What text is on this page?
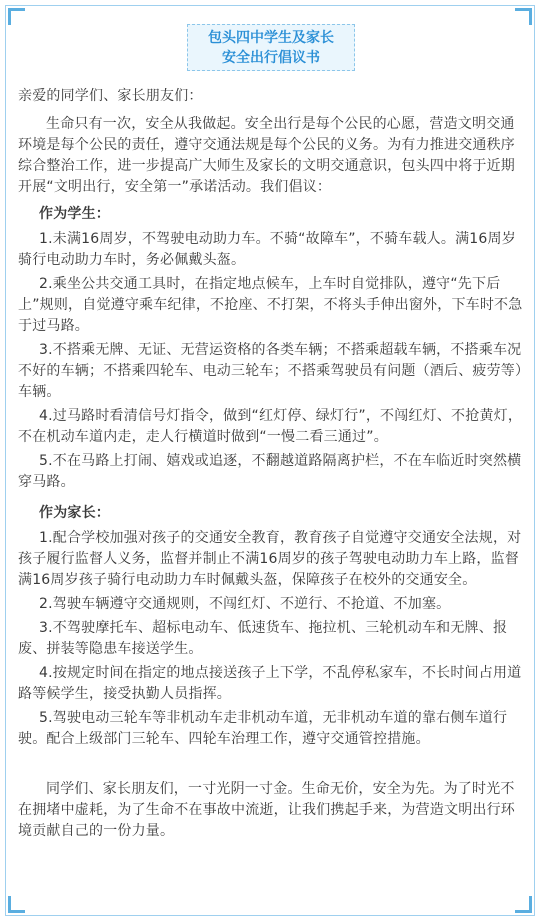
包头四中学生及家长
安全出行倡议书

亲爱的同学们、家长朋友们：

生命只有一次，安全从我做起。安全出行是每个公民的心愿，营造文明交通环境是每个公民的责任，遵守交通法规是每个公民的义务。为有力推进交通秩序综合整治工作，进一步提高广大师生及家长的文明交通意识，包头四中将于近期开展“文明出行，安全第一”承诺活动。我们倡议：

作为学生：

1.未满16周岁，不驾驶电动助力车。不骑“故障车”，不骑车载人。满16周岁骑行电动助力车时，务必佩戴头盔。

2.乘坐公共交通工具时，在指定地点候车，上车时自觉排队，遵守“先下后上”规则，自觉遵守乘车纪律，不抢座、不打架，不将头手伸出窗外，下车时不急于过马路。

3.不搭乘无牌、无证、无营运资格的各类车辆；不搭乘超载车辆，不搭乘车况不好的车辆；不搭乘四轮车、电动三轮车；不搭乘驾驶员有问题（酒后、疲劳等）车辆。

4.过马路时看清信号灯指令，做到“红灯停、绿灯行”，不闯红灯、不抢黄灯，不在机动车道内走，走人行横道时做到“一慢二看三通过”。

5.不在马路上打闹、嬉戏或追逐，不翻越道路隔离护栏，不在车临近时突然横穿马路。

作为家长：

1.配合学校加强对孩子的交通安全教育，教育孩子自觉遵守交通安全法规，对孩子履行监督人义务，监督并制止不满16周岁的孩子驾驶电动助力车上路，监督满16周岁孩子骑行电动助力车时佩戴头盔，保障孩子在校外的交通安全。

2.驾驶车辆遵守交通规则，不闯红灯、不逆行、不抢道、不加塞。

3.不驾驶摩托车、超标电动车、低速货车、拖拉机、三轮机动车和无牌、报废、拼装等隐患车接送学生。

4.按规定时间在指定的地点接送孩子上下学，不乱停私家车，不长时间占用道路等候学生，接受执勤人员指挥。

5.驾驶电动三轮车等非机动车走非机动车道，无非机动车道的靠右侧车道行驶。配合上级部门三轮车、四轮车治理工作，遵守交通管控措施。

同学们、家长朋友们，一寸光阴一寸金。生命无价，安全为先。为了时光不在拥堵中虚耗，为了生命不在事故中流逝，让我们携起手来，为营造文明出行环境贡献自己的一份力量。
